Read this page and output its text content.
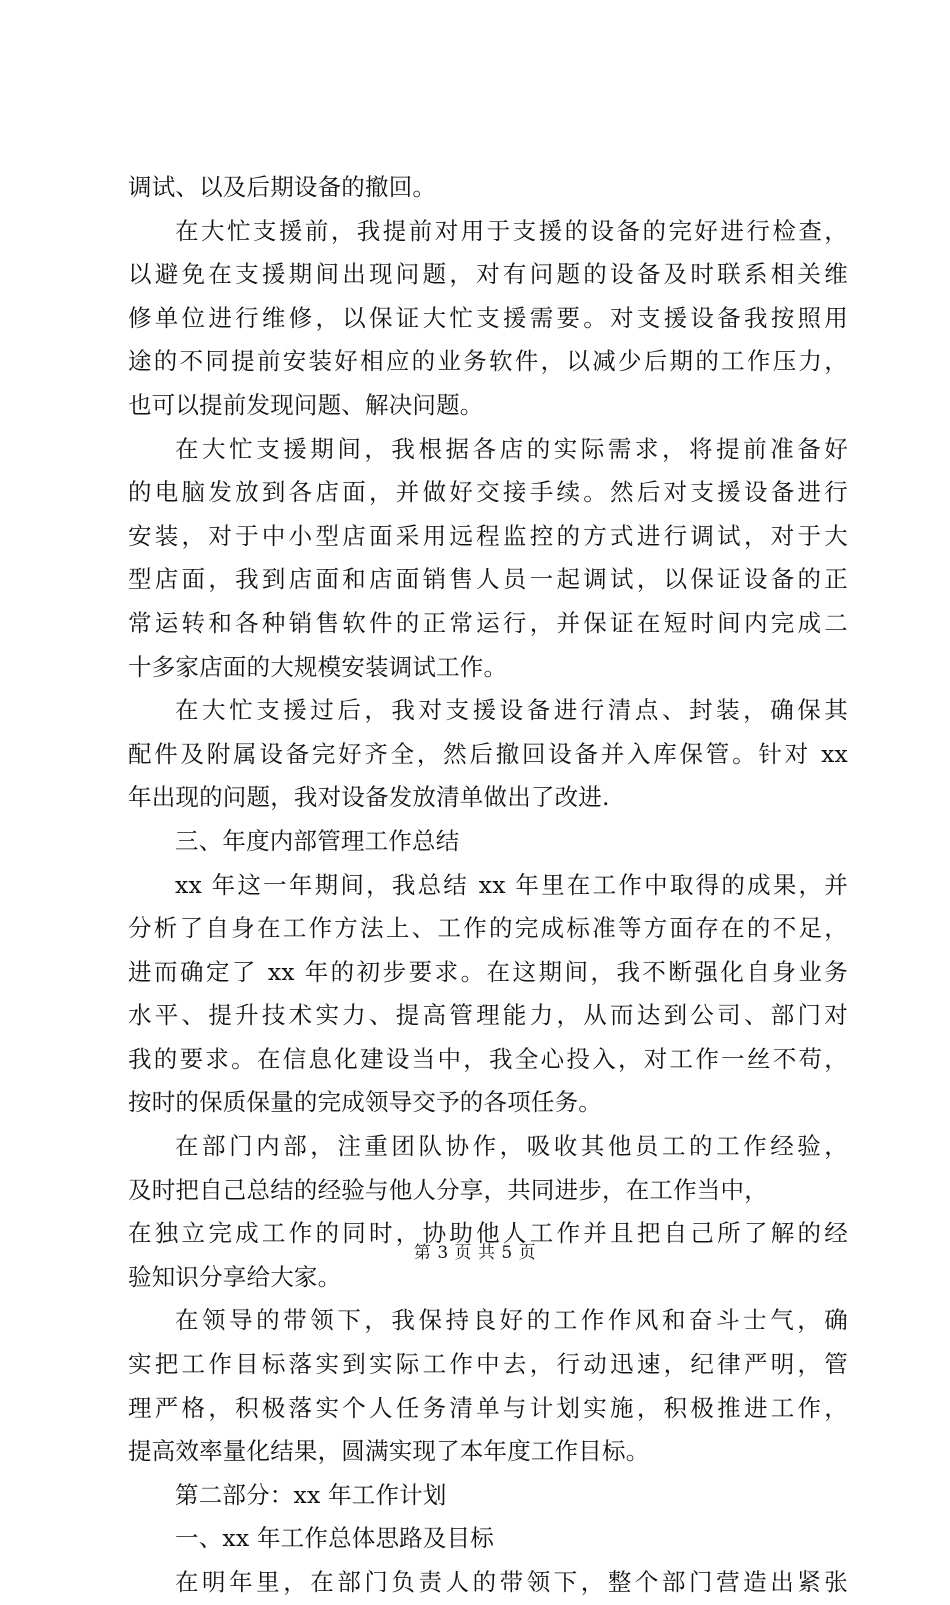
调试、以及后期设备的撤回。
在大忙支援前，我提前对用于支援的设备的完好进行检查，
以避免在支援期间出现问题，对有问题的设备及时联系相关维
修单位进行维修，以保证大忙支援需要。对支援设备我按照用
途的不同提前安装好相应的业务软件，以减少后期的工作压力，
也可以提前发现问题、解决问题。
在大忙支援期间，我根据各店的实际需求，将提前准备好
的电脑发放到各店面，并做好交接手续。然后对支援设备进行
安装，对于中小型店面采用远程监控的方式进行调试，对于大
型店面，我到店面和店面销售人员一起调试，以保证设备的正
常运转和各种销售软件的正常运行，并保证在短时间内完成二
十多家店面的大规模安装调试工作。
在大忙支援过后，我对支援设备进行清点、封装，确保其
配件及附属设备完好齐全，然后撤回设备并入库保管。针对 xx
年出现的问题，我对设备发放清单做出了改进.
三、年度内部管理工作总结
xx 年这一年期间，我总结 xx 年里在工作中取得的成果，并
分析了自身在工作方法上、工作的完成标准等方面存在的不足，
进而确定了 xx 年的初步要求。在这期间，我不断强化自身业务
水平、提升技术实力、提高管理能力，从而达到公司、部门对
我的要求。在信息化建设当中，我全心投入，对工作一丝不苟，
按时的保质保量的完成领导交予的各项任务。
在部门内部，注重团队协作，吸收其他员工的工作经验，
及时把自己总结的经验与他人分享，共同进步，在工作当中，
在独立完成工作的同时，协助他人工作并且把自己所了解的经
验知识分享给大家。
在领导的带领下，我保持良好的工作作风和奋斗士气，确
实把工作目标落实到实际工作中去，行动迅速，纪律严明，管
理严格，积极落实个人任务清单与计划实施，积极推进工作，
提高效率量化结果，圆满实现了本年度工作目标。
第二部分：xx 年工作计划
一、xx 年工作总体思路及目标
在明年里，在部门负责人的带领下，整个部门营造出紧张
第 3 页 共 5 页
